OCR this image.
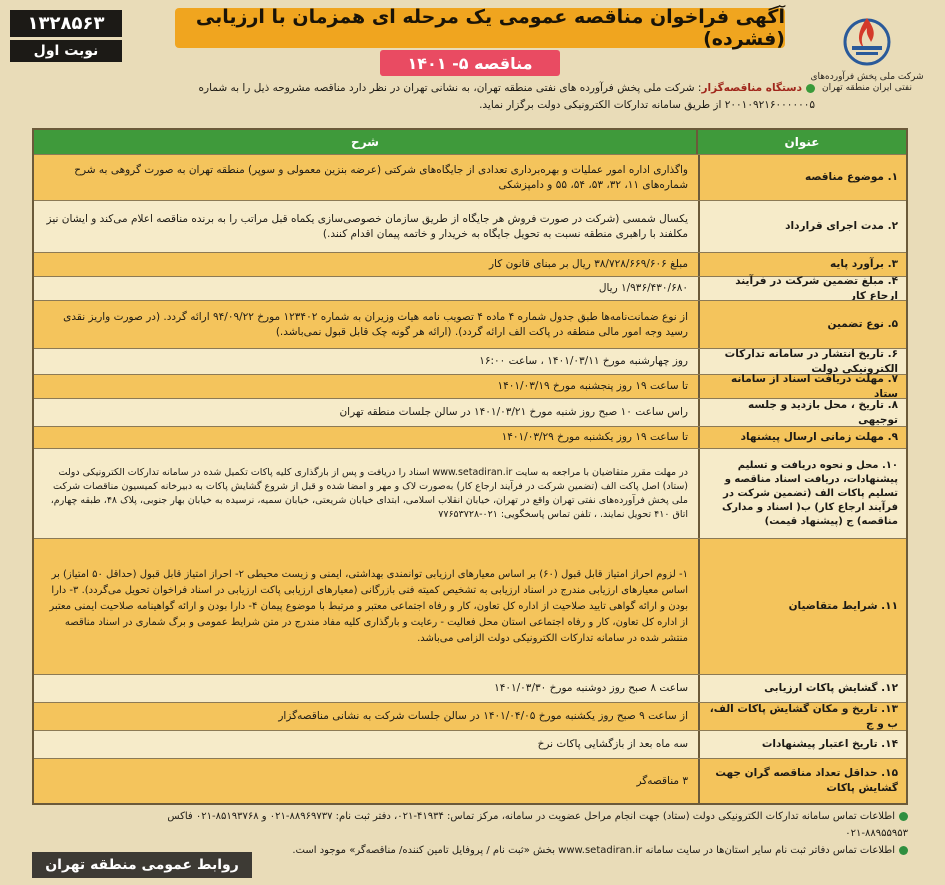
۱۳۲۸۵۶۳
نوبت اول
آگهی فراخوان مناقصه عمومی یک مرحله ای همزمان با ارزیابی (فشرده)
مناقصه ۵- ۱۴۰۱
شرکت ملی پخش فرآورده‌های نفتی ایران منطقه تهران
دستگاه مناقصه‌گزار: شرکت ملی پخش فرآورده های نفتی منطقه تهران، به نشانی تهران در نظر دارد مناقصه مشروحه ذیل را به شماره ۲۰۰۱۰۹۲۱۶۰۰۰۰۰۰۵ از طریق سامانه تدارکات الکترونیکی دولت برگزار نماید.
عنوان
شرح
۱. موضوع مناقصه
واگذاری اداره امور عملیات و بهره‌برداری تعدادی از جایگاه‌های شرکتی (عرضه بنزین معمولی و سوپر) منطقه تهران به صورت گروهی به شرح شماره‌های ۱۱، ۳۲، ۵۳، ۵۴، ۵۵ و دامپزشکی
۲. مدت اجرای قرارداد
یکسال شمسی (شرکت در صورت فروش هر جایگاه از طریق سازمان خصوصی‌سازی یکماه قبل مراتب را به برنده مناقصه اعلام می‌کند و ایشان نیز مکلفند با راهبری منطقه نسبت به تحویل جایگاه به خریدار و خاتمه پیمان اقدام کنند.)
۳. برآورد پایه
مبلغ ۳۸/۷۲۸/۶۶۹/۶۰۶ ریال بر مبنای قانون کار
۴. مبلغ تضمین شرکت در فرآیند ارجاع کار
۱/۹۳۶/۴۳۰/۶۸۰ ریال
۵. نوع تضمین
از نوع ضمانت‌نامه‌ها طبق جدول شماره ۴ ماده ۴ تصویب نامه هیات وزیران به شماره ۱۲۳۴۰۲ مورخ ۹۴/۰۹/۲۲ ارائه گردد. (در صورت واریز نقدی رسید وجه امور مالی منطقه در پاکت الف ارائه گردد). (ارائه هر گونه چک قابل قبول نمی‌باشد.)
۶. تاریخ انتشار در سامانه تدارکات الکترونیکی دولت
روز چهارشنبه مورخ ۱۴۰۱/۰۳/۱۱ ، ساعت ۱۶:۰۰
۷. مهلت دریافت اسناد از سامانه ستاد
تا ساعت ۱۹ روز پنجشنبه مورخ ۱۴۰۱/۰۳/۱۹
۸. تاریخ ، محل بازدید و جلسه توجیهی
راس ساعت ۱۰ صبح روز شنبه مورخ ۱۴۰۱/۰۳/۲۱ در سالن جلسات منطقه تهران
۹. مهلت زمانی ارسال پیشنهاد
تا ساعت ۱۹ روز یکشنبه مورخ ۱۴۰۱/۰۳/۲۹
۱۰. محل و نحوه دریافت و تسلیم پیشنهادات، دریافت اسناد مناقصه و تسلیم پاکات الف (تضمین شرکت در فرآیند ارجاع کار) ب( اسناد و مدارک مناقصه) ج (پیشنهاد قیمت)
در مهلت مقرر متقاضیان با مراجعه به سایت www.setadiran.ir اسناد را دریافت و پس از بارگذاری کلیه پاکات تکمیل شده در سامانه تدارکات الکترونیکی دولت (ستاد) اصل پاکت الف (تضمین شرکت در فرآیند ارجاع کار) به‌صورت لاک و مهر و امضا شده و قبل از شروع گشایش پاکات به دبیرخانه کمیسیون مناقصات شرکت ملی پخش فرآورده‌های نفتی تهران واقع در تهران، خیابان انقلاب اسلامی، ابتدای خیابان شریعتی، خیابان سمیه، نرسیده به خیابان بهار جنوبی، پلاک ۴۸، طبقه چهارم، اتاق ۴۱۰ تحویل نمایند. ، تلفن تماس پاسخگویی: ۰۲۱-۷۷۶۵۳۷۲۸
۱۱. شرایط متقاضیان
۱- لزوم احراز امتیاز قابل قبول (۶۰) بر اساس معیارهای ارزیابی توانمندی بهداشتی، ایمنی و زیست محیطی ۲- احراز امتیاز قابل قبول (حداقل ۵۰ امتیاز) بر اساس معیارهای ارزیابی مندرج در اسناد ارزیابی به تشخیص کمیته فنی بازرگانی (معیارهای ارزیابی پاکت ارزیابی در اسناد فراخوان تحویل می‌گردد). ۳- دارا بودن و ارائه گواهی تایید صلاحیت از اداره کل تعاون، کار و رفاه اجتماعی معتبر و مرتبط با موضوع پیمان ۴- دارا بودن و ارائه گواهینامه صلاحیت ایمنی معتبر از اداره کل تعاون، کار و رفاه اجتماعی استان محل فعالیت - رعایت و بارگذاری کلیه مفاد مندرج در متن شرایط عمومی و برگ شماری در اسناد مناقصه منتشر شده در سامانه تدارکات الکترونیکی دولت الزامی می‌باشد.
۱۲. گشایش پاکات ارزیابی
ساعت ۸ صبح روز دوشنبه مورخ ۱۴۰۱/۰۳/۳۰
۱۳. تاریخ و مکان گشایش پاکات الف، ب و ج
از ساعت ۹ صبح روز یکشنبه مورخ ۱۴۰۱/۰۴/۰۵ در سالن جلسات شرکت به نشانی مناقصه‌گزار
۱۴. تاریخ اعتبار پیشنهادات
سه ماه بعد از بازگشایی پاکات نرخ
۱۵. حداقل تعداد مناقصه گران جهت گشایش پاکات
۳ مناقصه‌گر
اطلاعات تماس سامانه تدارکات الکترونیکی دولت (ستاد) جهت انجام مراحل عضویت در سامانه، مرکز تماس: ۴۱۹۳۴-۰۲۱، دفتر ثبت نام: ۸۸۹۶۹۷۳۷-۰۲۱ و ۸۵۱۹۳۷۶۸-۰۲۱ فاکس ۸۸۹۵۵۹۵۳-۰۲۱
اطلاعات تماس دفاتر ثبت نام سایر استان‌ها در سایت سامانه www.setadiran.ir بخش «ثبت نام / پروفایل تامین کننده/ مناقصه‌گر» موجود است.
روابط عمومی منطقه تهران
